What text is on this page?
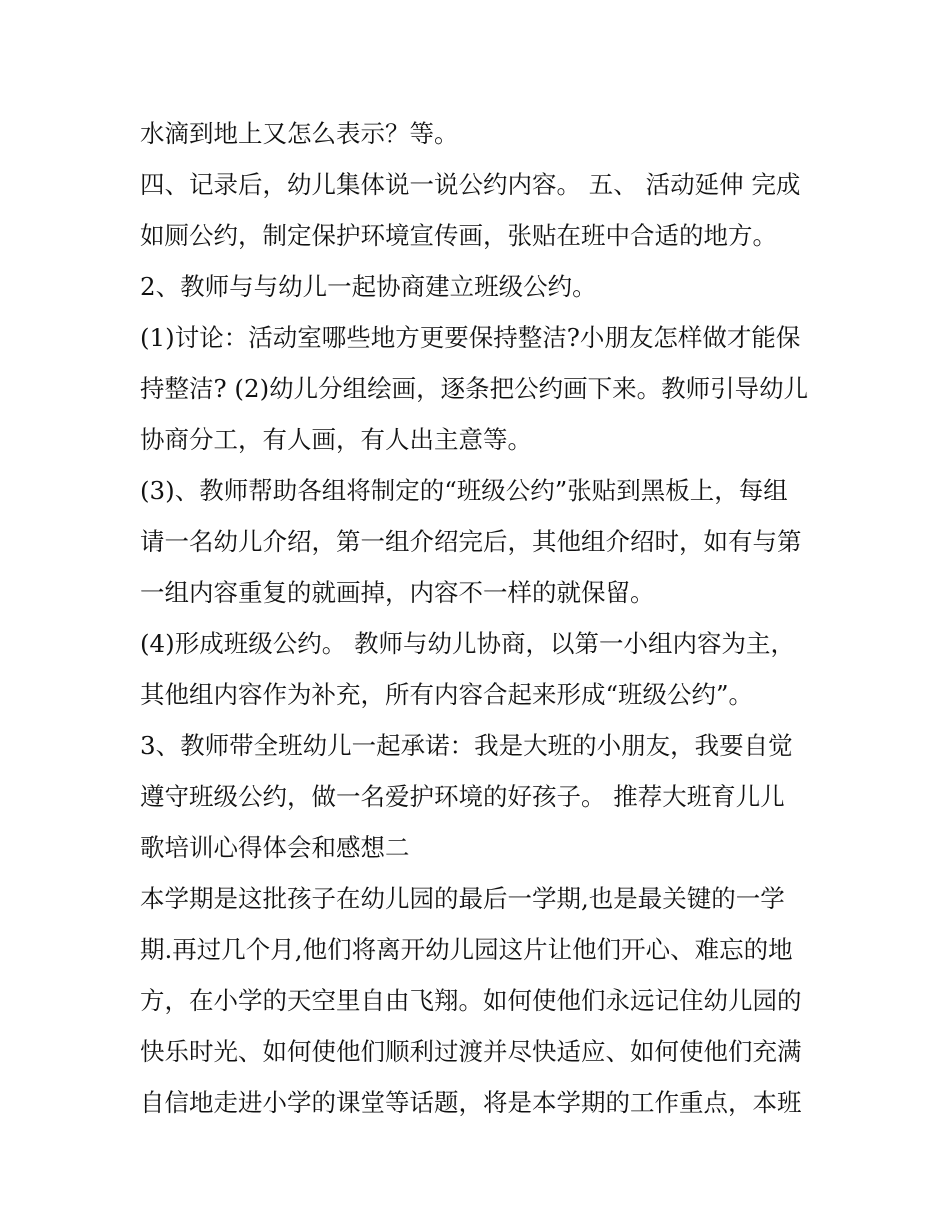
水滴到地上又怎么表示？等。
四、记录后，幼儿集体说一说公约内容。 五、 活动延伸 完成
如厕公约，制定保护环境宣传画，张贴在班中合适的地方。
2、教师与与幼儿一起协商建立班级公约。
(1)讨论：活动室哪些地方更要保持整洁?小朋友怎样做才能保
持整洁? (2)幼儿分组绘画，逐条把公约画下来。教师引导幼儿
协商分工，有人画，有人出主意等。
(3)、教师帮助各组将制定的“班级公约”张贴到黑板上，每组
请一名幼儿介绍，第一组介绍完后，其他组介绍时，如有与第
一组内容重复的就画掉，内容不一样的就保留。
(4)形成班级公约。 教师与幼儿协商，以第一小组内容为主，
其他组内容作为补充，所有内容合起来形成“班级公约”。
3、教师带全班幼儿一起承诺：我是大班的小朋友，我要自觉
遵守班级公约，做一名爱护环境的好孩子。 推荐大班育儿儿
歌培训心得体会和感想二
本学期是这批孩子在幼儿园的最后一学期,也是最关键的一学
期.再过几个月,他们将离开幼儿园这片让他们开心、难忘的地
方，在小学的天空里自由飞翔。如何使他们永远记住幼儿园的
快乐时光、如何使他们顺利过渡并尽快适应、如何使他们充满
自信地走进小学的课堂等话题，将是本学期的工作重点，本班
